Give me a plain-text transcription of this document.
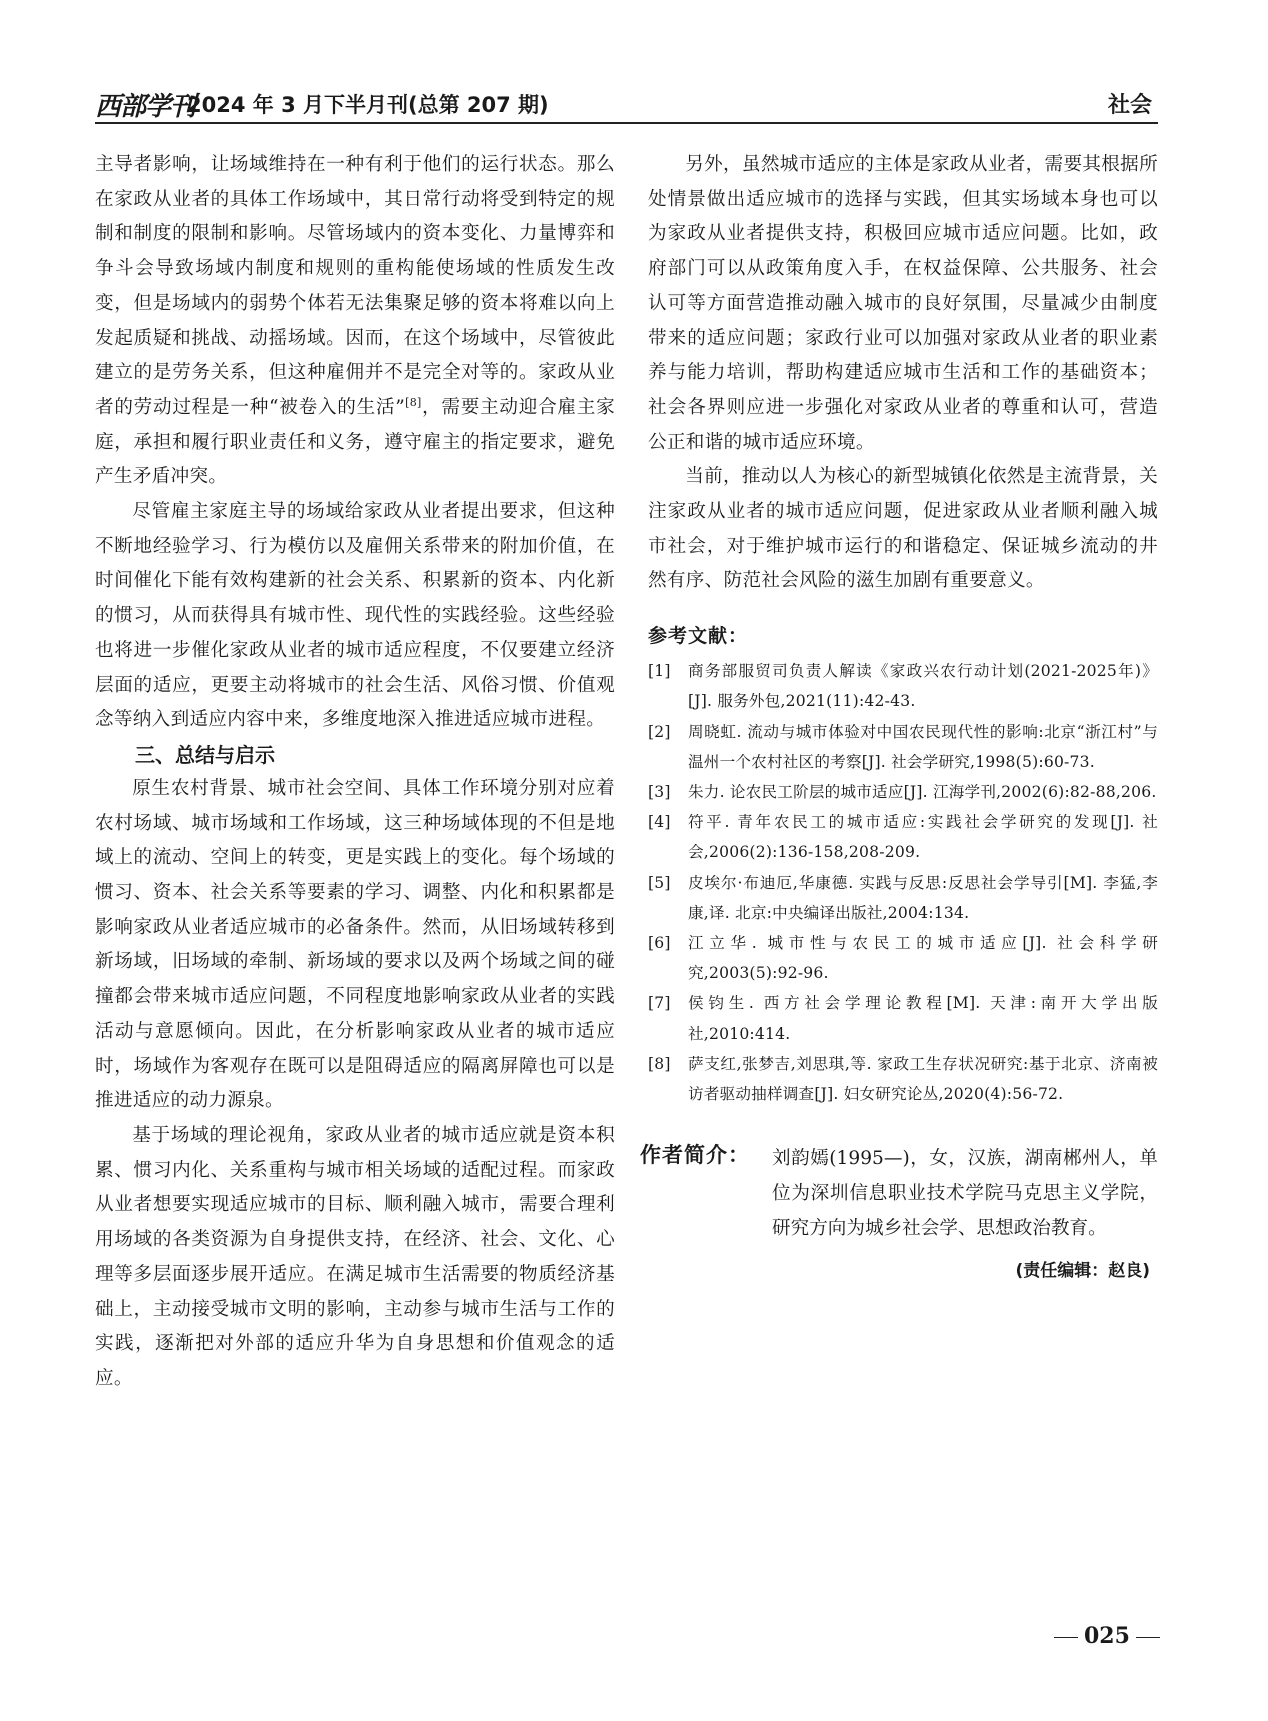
西部学刊
2024 年 3 月下半月刊(总第 207 期)	社会

主导者影响，让场域维持在一种有利于他们的运行状态。那么在家政从业者的具体工作场域中，其日常行动将受到特定的规制和制度的限制和影响。尽管场域内的资本变化、力量博弈和争斗会导致场域内制度和规则的重构能使场域的性质发生改变，但是场域内的弱势个体若无法集聚足够的资本将难以向上发起质疑和挑战、动摇场域。因而，在这个场域中，尽管彼此建立的是劳务关系，但这种雇佣并不是完全对等的。家政从业者的劳动过程是一种“被卷入的生活”[8]，需要主动迎合雇主家庭，承担和履行职业责任和义务，遵守雇主的指定要求，避免产生矛盾冲突。

尽管雇主家庭主导的场域给家政从业者提出要求，但这种不断地经验学习、行为模仿以及雇佣关系带来的附加价值，在时间催化下能有效构建新的社会关系、积累新的资本、内化新的惯习，从而获得具有城市性、现代性的实践经验。这些经验也将进一步催化家政从业者的城市适应程度，不仅要建立经济层面的适应，更要主动将城市的社会生活、风俗习惯、价值观念等纳入到适应内容中来，多维度地深入推进适应城市进程。

三、总结与启示

原生农村背景、城市社会空间、具体工作环境分别对应着农村场域、城市场域和工作场域，这三种场域体现的不但是地域上的流动、空间上的转变，更是实践上的变化。每个场域的惯习、资本、社会关系等要素的学习、调整、内化和积累都是影响家政从业者适应城市的必备条件。然而，从旧场域转移到新场域，旧场域的牵制、新场域的要求以及两个场域之间的碰撞都会带来城市适应问题，不同程度地影响家政从业者的实践活动与意愿倾向。因此，在分析影响家政从业者的城市适应时，场域作为客观存在既可以是阻碍适应的隔离屏障也可以是推进适应的动力源泉。

基于场域的理论视角，家政从业者的城市适应就是资本积累、惯习内化、关系重构与城市相关场域的适配过程。而家政从业者想要实现适应城市的目标、顺利融入城市，需要合理利用场域的各类资源为自身提供支持，在经济、社会、文化、心理等多层面逐步展开适应。在满足城市生活需要的物质经济基础上，主动接受城市文明的影响，主动参与城市生活与工作的实践，逐渐把对外部的适应升华为自身思想和价值观念的适应。

另外，虽然城市适应的主体是家政从业者，需要其根据所处情景做出适应城市的选择与实践，但其实场域本身也可以为家政从业者提供支持，积极回应城市适应问题。比如，政府部门可以从政策角度入手，在权益保障、公共服务、社会认可等方面营造推动融入城市的良好氛围，尽量减少由制度带来的适应问题；家政行业可以加强对家政从业者的职业素养与能力培训，帮助构建适应城市生活和工作的基础资本；社会各界则应进一步强化对家政从业者的尊重和认可，营造公正和谐的城市适应环境。

当前，推动以人为核心的新型城镇化依然是主流背景，关注家政从业者的城市适应问题，促进家政从业者顺利融入城市社会，对于维护城市运行的和谐稳定、保证城乡流动的井然有序、防范社会风险的滋生加剧有重要意义。

参考文献：
[1] 商务部服贸司负责人解读《家政兴农行动计划(2021-2025年)》[J]. 服务外包,2021(11):42-43.
[2] 周晓虹. 流动与城市体验对中国农民现代性的影响:北京“浙江村”与温州一个农村社区的考察[J]. 社会学研究,1998(5):60-73.
[3] 朱力. 论农民工阶层的城市适应[J]. 江海学刊,2002(6):82-88,206.
[4] 符平. 青年农民工的城市适应:实践社会学研究的发现[J]. 社会,2006(2):136-158,208-209.
[5] 皮埃尔·布迪厄,华康德. 实践与反思:反思社会学导引[M]. 李猛,李康,译. 北京:中央编译出版社,2004:134.
[6] 江立华. 城市性与农民工的城市适应[J]. 社会科学研究,2003(5):92-96.
[7] 侯钧生. 西方社会学理论教程[M]. 天津:南开大学出版社,2010:414.
[8] 萨支红,张梦吉,刘思琪,等. 家政工生存状况研究:基于北京、济南被访者驱动抽样调查[J]. 妇女研究论丛,2020(4):56-72.
作者简介： 刘韵嫣(1995—)，女，汉族，湖南郴州人，单位为深圳信息职业技术学院马克思主义学院，研究方向为城乡社会学、思想政治教育。
(责任编辑：赵良)
025
